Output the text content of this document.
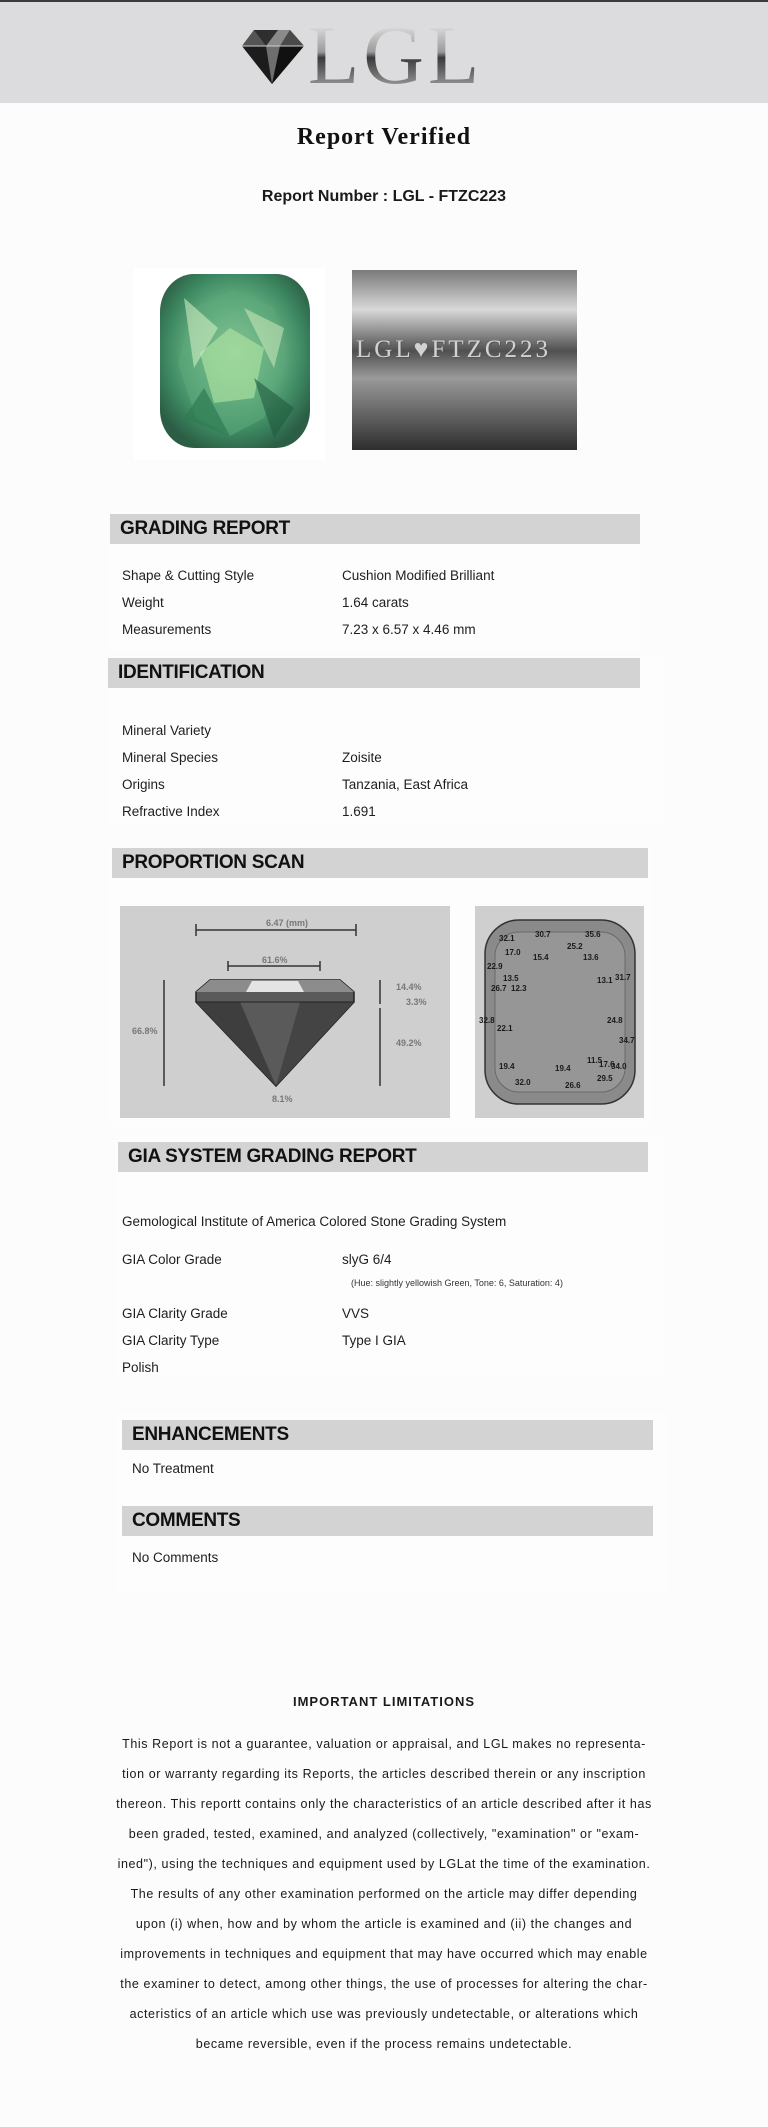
LGL
Report Verified
Report Number : LGL - FTZC223
LGL♥FTZC223
GRADING REPORT
Shape & Cutting Style	Cushion Modified Brilliant
Weight	1.64 carats
Measurements	7.23 x 6.57 x 4.46 mm
IDENTIFICATION
Mineral Variety
Mineral Species	Zoisite
Origins	Tanzania, East Africa
Refractive Index	1.691
PROPORTION SCAN
6.47 (mm)
61.6%
66.8%
14.4%
3.3%
49.2%
8.1%
32.1	30.7	35.6
25.2
17.0
15.4	13.6
22.9
13.5
26.7 12.3
13.1 31.7
32.8
22.1
24.8
34.7
11.5
17.6
34.0
19.4	19.4
29.5
32.0	26.6
GIA SYSTEM GRADING REPORT
Gemological Institute of America Colored Stone Grading System
GIA Color Grade	slyG 6/4
(Hue: slightly yellowish Green, Tone: 6, Saturation: 4)
GIA Clarity Grade	VVS
GIA Clarity Type	Type I GIA
Polish
ENHANCEMENTS
No Treatment
COMMENTS
No Comments
IMPORTANT LIMITATIONS
This Report is not a guarantee, valuation or appraisal, and LGL makes no representa-
tion or warranty regarding its Reports, the articles described therein or any inscription
thereon. This reportt contains only the characteristics of an article described after it has
been graded, tested, examined, and analyzed (collectively, "examination" or "exam-
ined"), using the techniques and equipment used by LGLat the time of the examination.
The results of any other examination performed on the article may differ depending
upon (i) when, how and by whom the article is examined and (ii) the changes and
improvements in techniques and equipment that may have occurred which may enable
the examiner to detect, among other things, the use of processes for altering the char-
acteristics of an article which use was previously undetectable, or alterations which
became reversible, even if the process remains undetectable.
